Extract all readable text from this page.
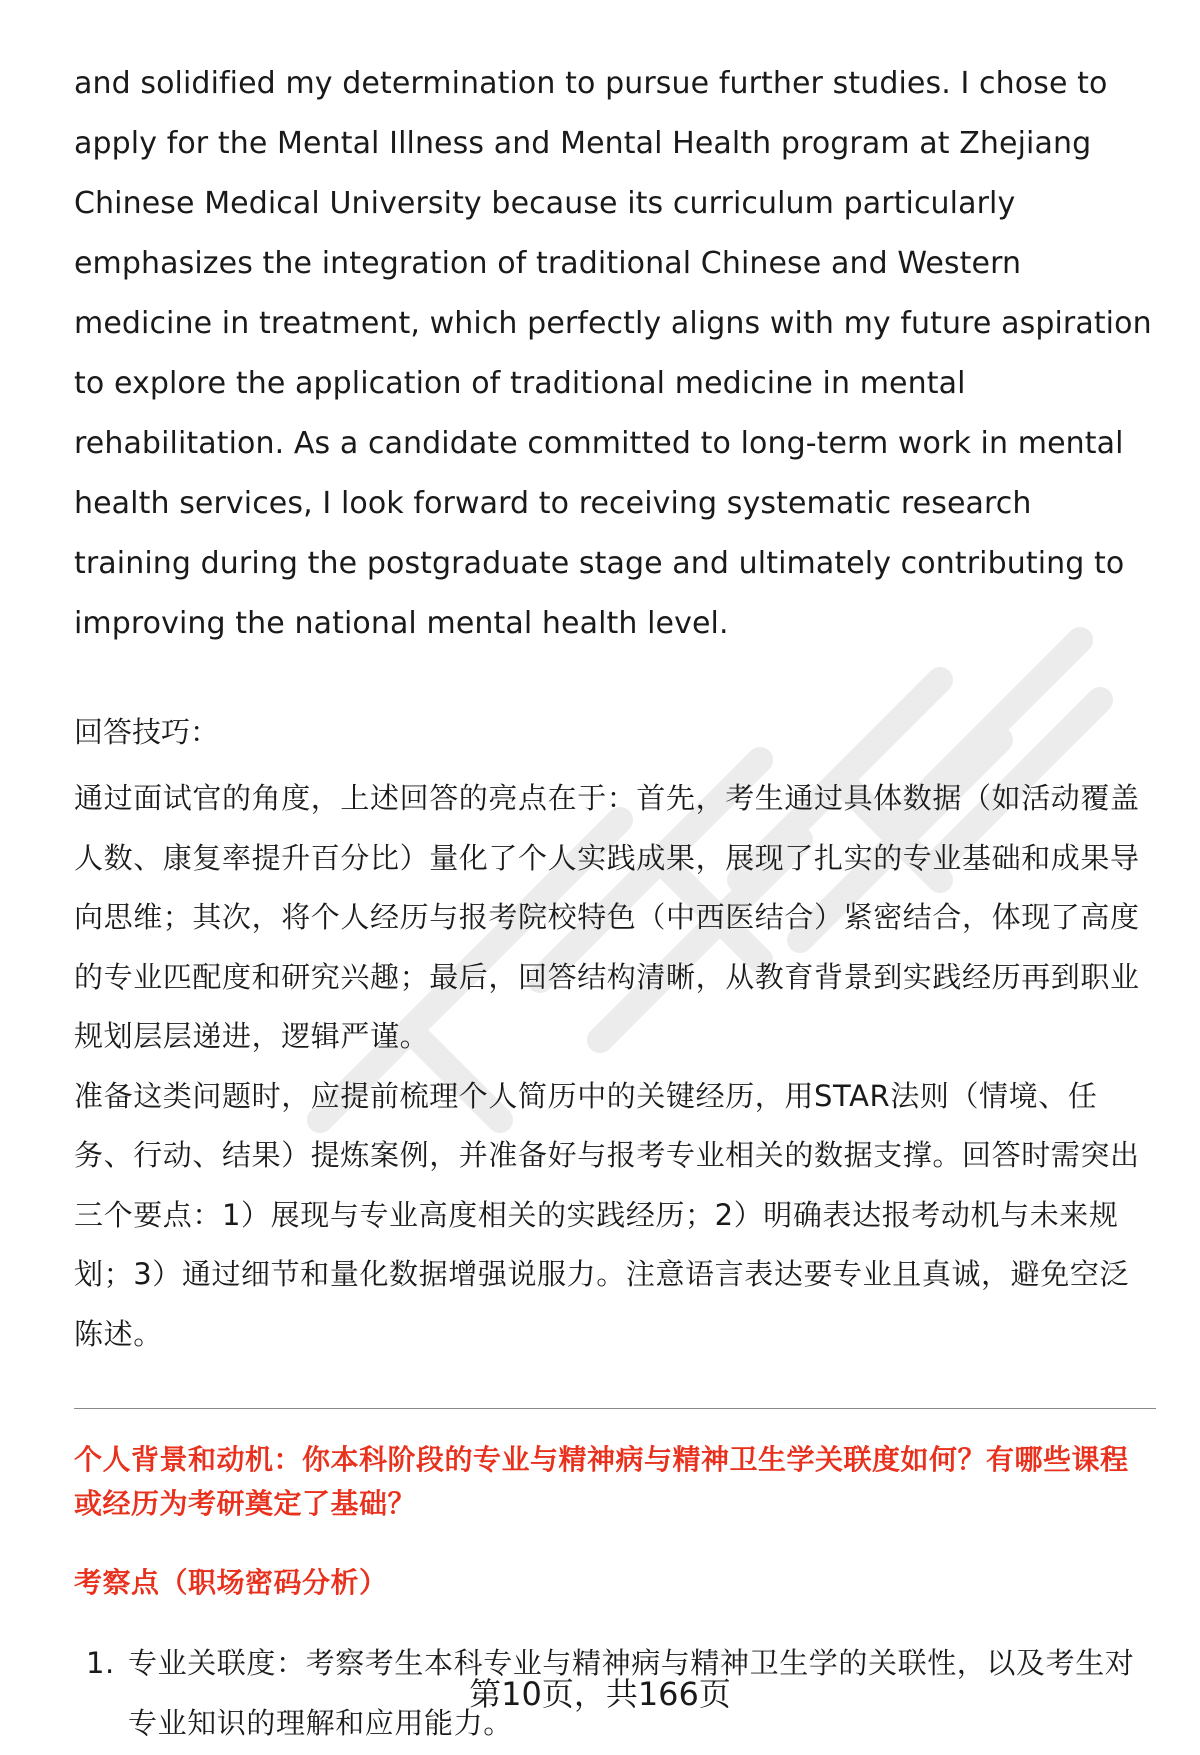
and solidified my determination to pursue further studies. I chose to apply for the Mental Illness and Mental Health program at Zhejiang Chinese Medical University because its curriculum particularly emphasizes the integration of traditional Chinese and Western medicine in treatment, which perfectly aligns with my future aspiration to explore the application of traditional medicine in mental rehabilitation. As a candidate committed to long-term work in mental health services, I look forward to receiving systematic research training during the postgraduate stage and ultimately contributing to improving the national mental health level.

回答技巧：

通过面试官的角度，上述回答的亮点在于：首先，考生通过具体数据（如活动覆盖人数、康复率提升百分比）量化了个人实践成果，展现了扎实的专业基础和成果导向思维；其次，将个人经历与报考院校特色（中西医结合）紧密结合，体现了高度的专业匹配度和研究兴趣；最后，回答结构清晰，从教育背景到实践经历再到职业规划层层递进，逻辑严谨。

准备这类问题时，应提前梳理个人简历中的关键经历，用STAR法则（情境、任务、行动、结果）提炼案例，并准备好与报考专业相关的数据支撑。回答时需突出三个要点：1）展现与专业高度相关的实践经历；2）明确表达报考动机与未来规划；3）通过细节和量化数据增强说服力。注意语言表达要专业且真诚，避免空泛陈述。

个人背景和动机：你本科阶段的专业与精神病与精神卫生学关联度如何？有哪些课程或经历为考研奠定了基础？
考察点（职场密码分析）
1. 专业关联度：考察考生本科专业与精神病与精神卫生学的关联性，以及考生对专业知识的理解和应用能力。
第10页，共166页
